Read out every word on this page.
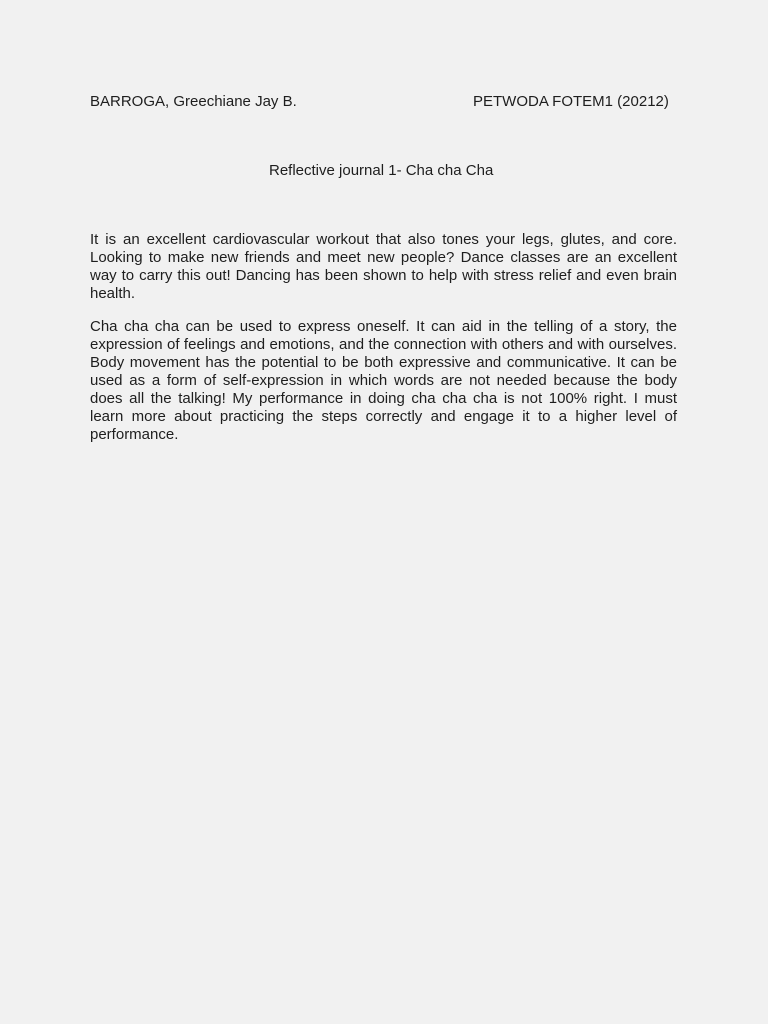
BARROGA, Greechiane Jay B.	PETWODA FOTEM1 (20212)
Reflective journal 1- Cha cha Cha
It is an excellent cardiovascular workout that also tones your legs, glutes, and core.
Looking to make new friends and meet new people? Dance classes are an excellent
way to carry this out! Dancing has been shown to help with stress relief and even brain
health.
Cha cha cha can be used to express oneself. It can aid in the telling of a story, the
expression of feelings and emotions, and the connection with others and with ourselves.
Body movement has the potential to be both expressive and communicative. It can be
used as a form of self-expression in which words are not needed because the body
does all the talking! My performance in doing cha cha cha is not 100% right. I must
learn more about practicing the steps correctly and engage it to a higher level of
performance.
